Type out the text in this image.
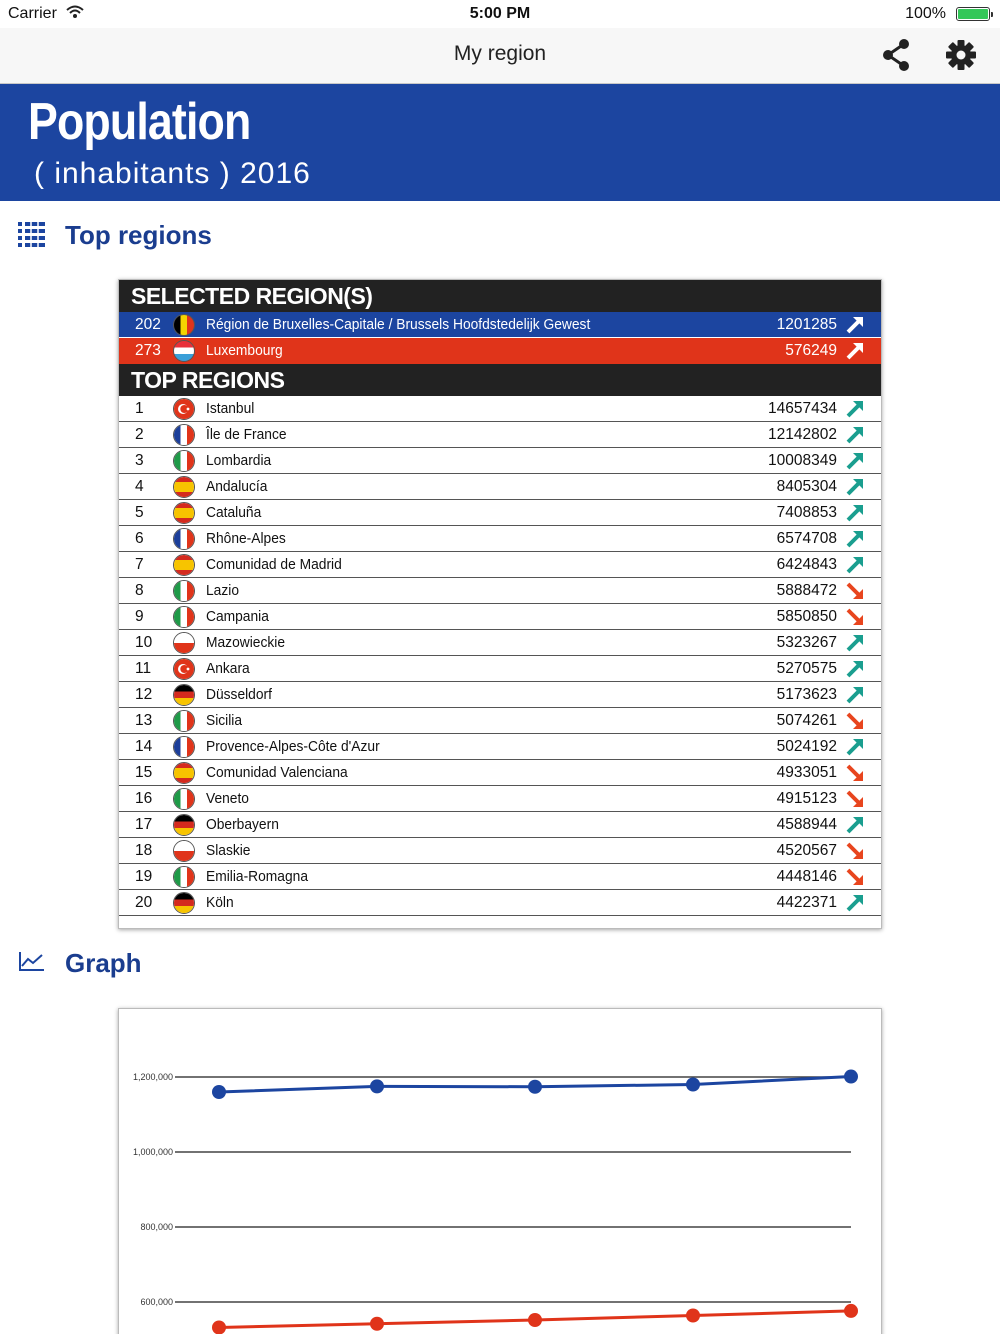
Carrier	5:00 PM	100%
My region
Population
( inhabitants ) 2016
Top regions
SELECTED REGION(S)
202	Région de Bruxelles-Capitale / Brussels Hoofdstedelijk Gewest	1201285
273	Luxembourg	576249
TOP REGIONS
1	Istanbul	14657434
2	Île de France	12142802
3	Lombardia	10008349
4	Andalucía	8405304
5	Cataluña	7408853
6	Rhône-Alpes	6574708
7	Comunidad de Madrid	6424843
8	Lazio	5888472
9	Campania	5850850
10	Mazowieckie	5323267
11	Ankara	5270575
12	Düsseldorf	5173623
13	Sicilia	5074261
14	Provence-Alpes-Côte d'Azur	5024192
15	Comunidad Valenciana	4933051
16	Veneto	4915123
17	Oberbayern	4588944
18	Slaskie	4520567
19	Emilia-Romagna	4448146
20	Köln	4422371
Graph
1,200,000
1,000,000
800,000
600,000
